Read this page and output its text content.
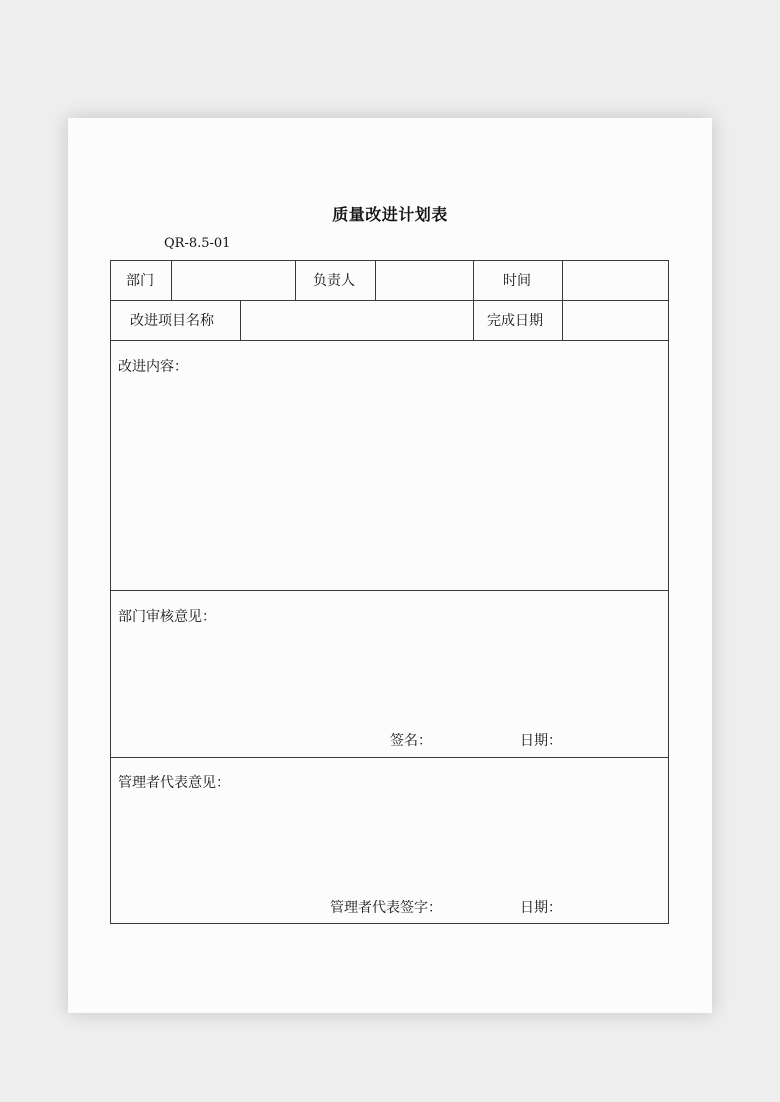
质量改进计划表
QR-8.5-01
部门	负责人	时间
改进项目名称	完成日期
改进内容：
部门审核意见：
签名：	日期：
管理者代表意见：
管理者代表签字：	日期：
